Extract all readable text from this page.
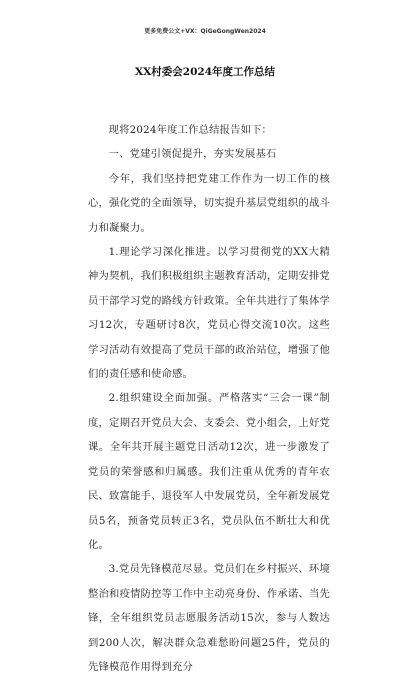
更多免费公文+VX：QiGeGongWen2024
XX村委会2024年度工作总结

现将2024年度工作总结报告如下：

一、党建引领促提升，夯实发展基石

今年，我们坚持把党建工作作为一切工作的核心，强化党的全面领导，切实提升基层党组织的战斗力和凝聚力。

1.理论学习深化推进。以学习贯彻党的XX大精神为契机，我们积极组织主题教育活动，定期安排党员干部学习党的路线方针政策。全年共进行了集体学习12次，专题研讨8次，党员心得交流10次。这些学习活动有效提高了党员干部的政治站位，增强了他们的责任感和使命感。

2.组织建设全面加强。严格落实“三会一课”制度，定期召开党员大会、支委会、党小组会，上好党课。全年共开展主题党日活动12次，进一步激发了党员的荣誉感和归属感。我们注重从优秀的青年农民、致富能手、退役军人中发展党员，全年新发展党员5名，预备党员转正3名，党员队伍不断壮大和优化。

3.党员先锋模范尽显。党员们在乡村振兴、环境整治和疫情防控等工作中主动亮身份、作承诺、当先锋，全年组织党员志愿服务活动15次，参与人数达到200人次，解决群众急难愁盼问题25件，党员的先锋模范作用得到充分
